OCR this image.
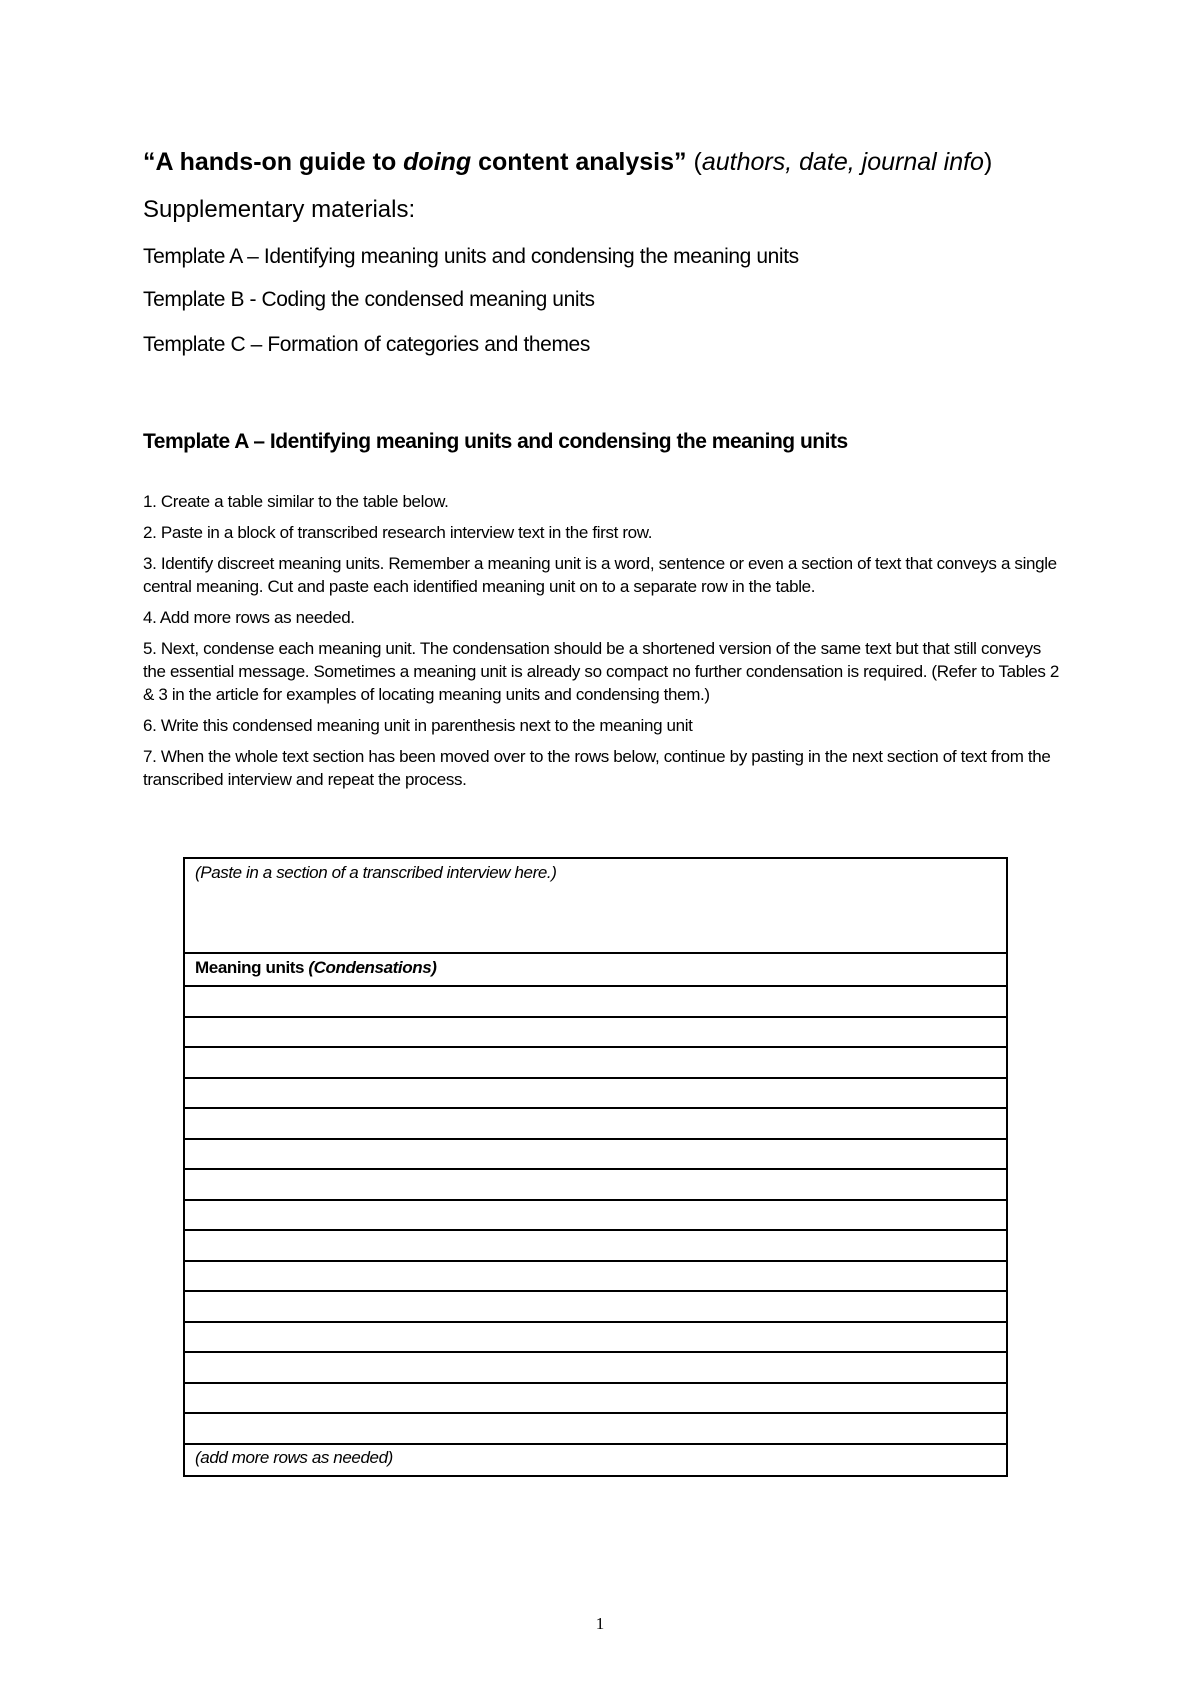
“A hands-on guide to doing content analysis” (authors, date, journal info)
Supplementary materials:
Template A – Identifying meaning units and condensing the meaning units
Template B - Coding the condensed meaning units
Template C – Formation of categories and themes
Template A – Identifying meaning units and condensing the meaning units

1. Create a table similar to the table below.

2. Paste in a block of transcribed research interview text in the first row.

3. Identify discreet meaning units. Remember a meaning unit is a word, sentence or even a section of text that conveys a single central meaning. Cut and paste each identified meaning unit on to a separate row in the table.

4. Add more rows as needed.

5. Next, condense each meaning unit. The condensation should be a shortened version of the same text but that still conveys the essential message. Sometimes a meaning unit is already so compact no further condensation is required. (Refer to Tables 2 & 3 in the article for examples of locating meaning units and condensing them.)

6. Write this condensed meaning unit in parenthesis next to the meaning unit

7. When the whole text section has been moved over to the rows below, continue by pasting in the next section of text from the transcribed interview and repeat the process.

(Paste in a section of a transcribed interview here.)
Meaning units (Condensations)
(add more rows as needed)
1
